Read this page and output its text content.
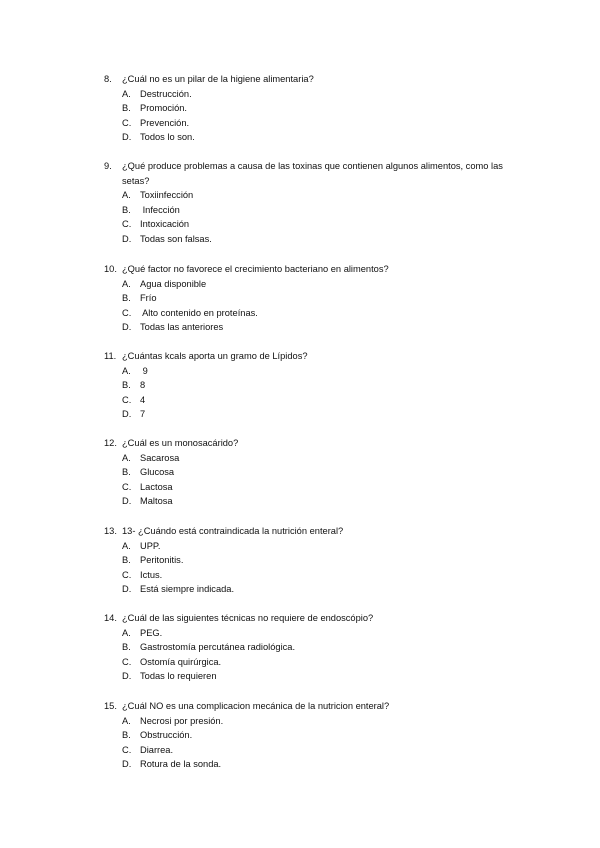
8.	¿Cuál no es un pilar de la higiene alimentaria?
A. Destrucción.
B. Promoción.
C. Prevención.
D. Todos lo son.
9.	¿Qué produce problemas a causa de las toxinas que contienen algunos alimentos, como las setas?
A. Toxiinfección
B. Infección
C. Intoxicación
D. Todas son falsas.
10. ¿Qué factor no favorece el crecimiento bacteriano en alimentos?
A. Agua disponible
B. Frío
C. Alto contenido en proteínas.
D. Todas las anteriores
11. ¿Cuántas kcals aporta un gramo de Lípidos?
A. 9
B. 8
C. 4
D. 7
12. ¿Cuál es un monosacárido?
A. Sacarosa
B. Glucosa
C. Lactosa
D. Maltosa
13. 13- ¿Cuándo está contraindicada la nutrición enteral?
A. UPP.
B. Peritonitis.
C. Ictus.
D. Está siempre indicada.
14. ¿Cuál de las siguientes técnicas no requiere de endoscópio?
A. PEG.
B. Gastrostomía percutánea radiológica.
C. Ostomía quirúrgica.
D. Todas lo requieren
15. ¿Cuál NO es una complicacion mecánica de la nutricion enteral?
A. Necrosi por presión.
B. Obstrucción.
C. Diarrea.
D. Rotura de la sonda.
